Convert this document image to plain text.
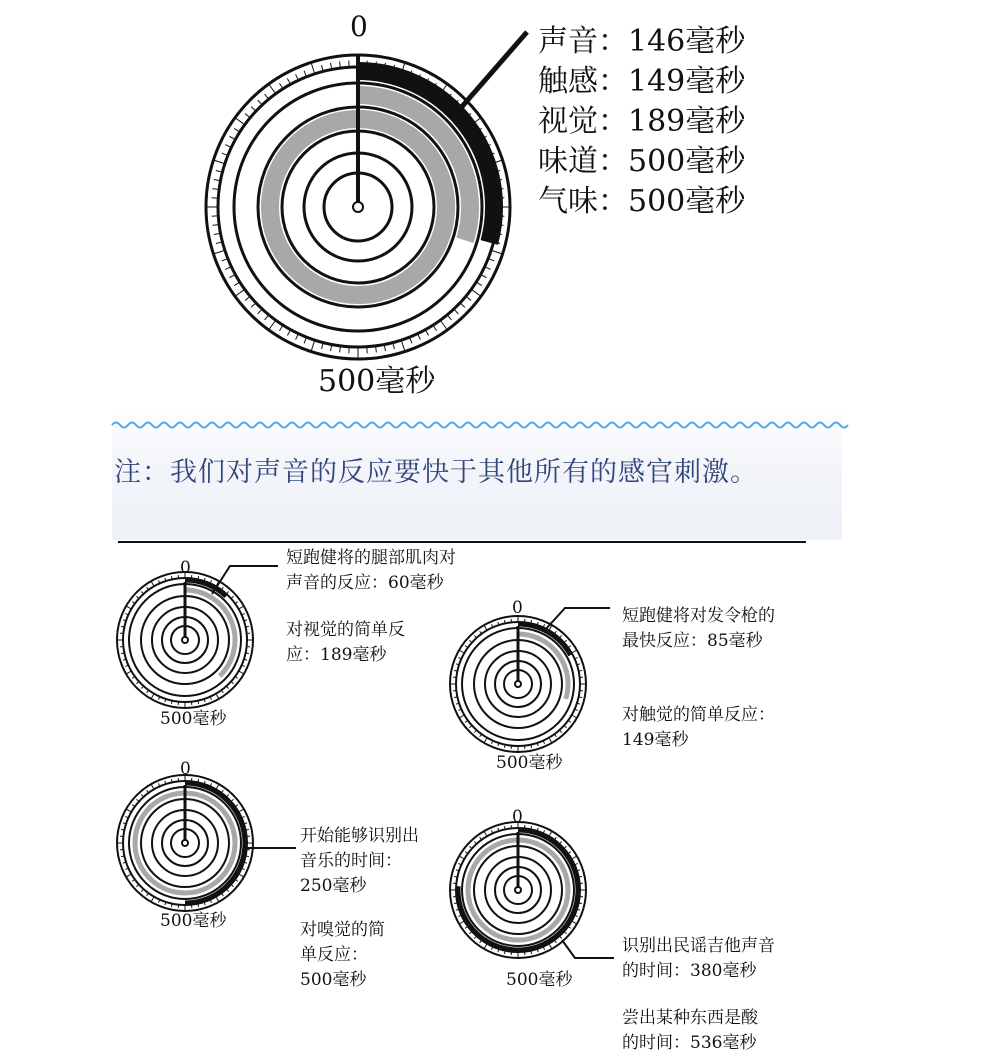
注：我们对声音的反应要快于其他所有的感官刺激。
0
500毫秒
声音：146毫秒
触感：149毫秒
视觉：189毫秒
味道：500毫秒
气味：500毫秒
0
500毫秒
短跑健将的腿部肌肉对
声音的反应：60毫秒
对视觉的简单反
应：189毫秒
0
500毫秒
短跑健将对发令枪的
最快反应：85毫秒
对触觉的简单反应：
149毫秒
0
500毫秒
开始能够识别出
音乐的时间：
250毫秒
对嗅觉的简
单反应：
500毫秒
0
500毫秒
识别出民谣吉他声音
的时间：380毫秒
尝出某种东西是酸
的时间：536毫秒
